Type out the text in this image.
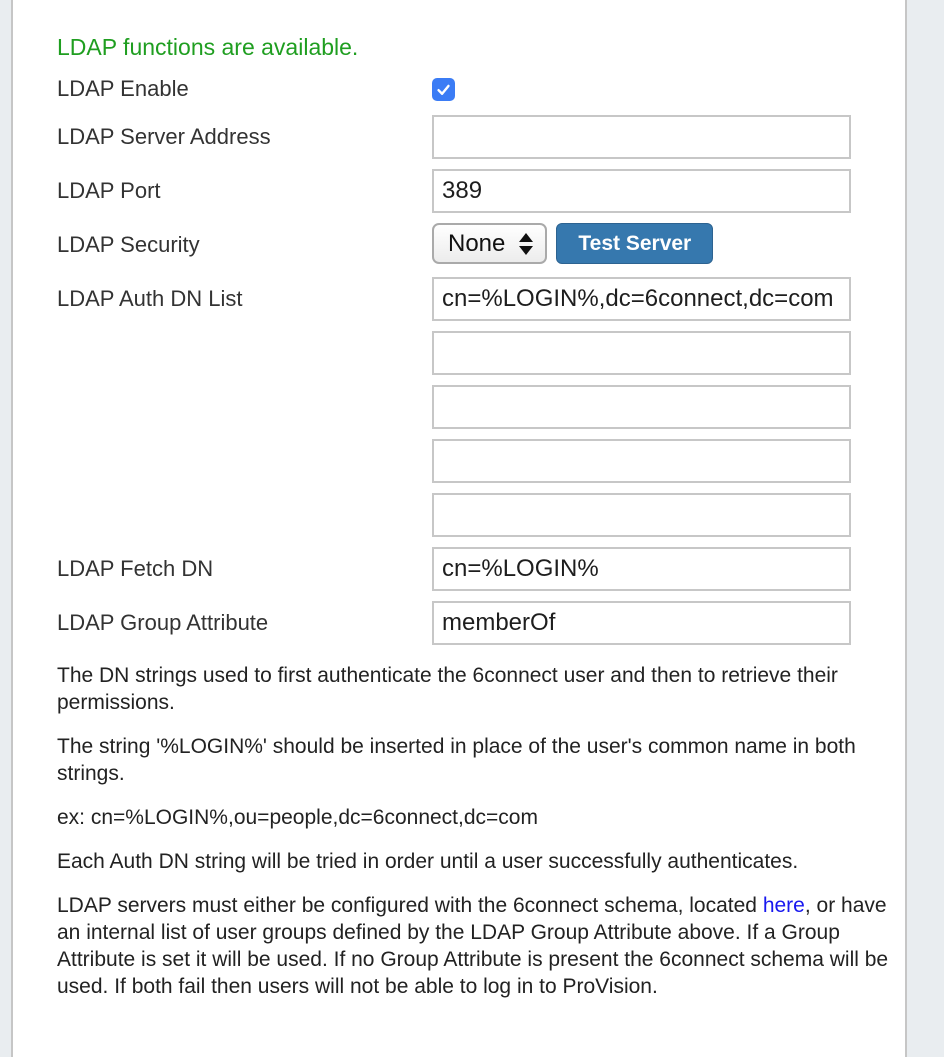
LDAP functions are available.
LDAP Enable
LDAP Server Address
LDAP Port
389
LDAP Security	None	Test Server
LDAP Auth DN List
cn=%LOGIN%,dc=6connect,dc=com
LDAP Fetch DN
cn=%LOGIN%
LDAP Group Attribute
memberOf

The DN strings used to first authenticate the 6connect user and then to retrieve their permissions.

The string '%LOGIN%' should be inserted in place of the user's common name in both strings.

ex: cn=%LOGIN%,ou=people,dc=6connect,dc=com

Each Auth DN string will be tried in order until a user successfully authenticates.

LDAP servers must either be configured with the 6connect schema, located here, or have an internal list of user groups defined by the LDAP Group Attribute above. If a Group Attribute is set it will be used. If no Group Attribute is present the 6connect schema will be used. If both fail then users will not be able to log in to ProVision.
